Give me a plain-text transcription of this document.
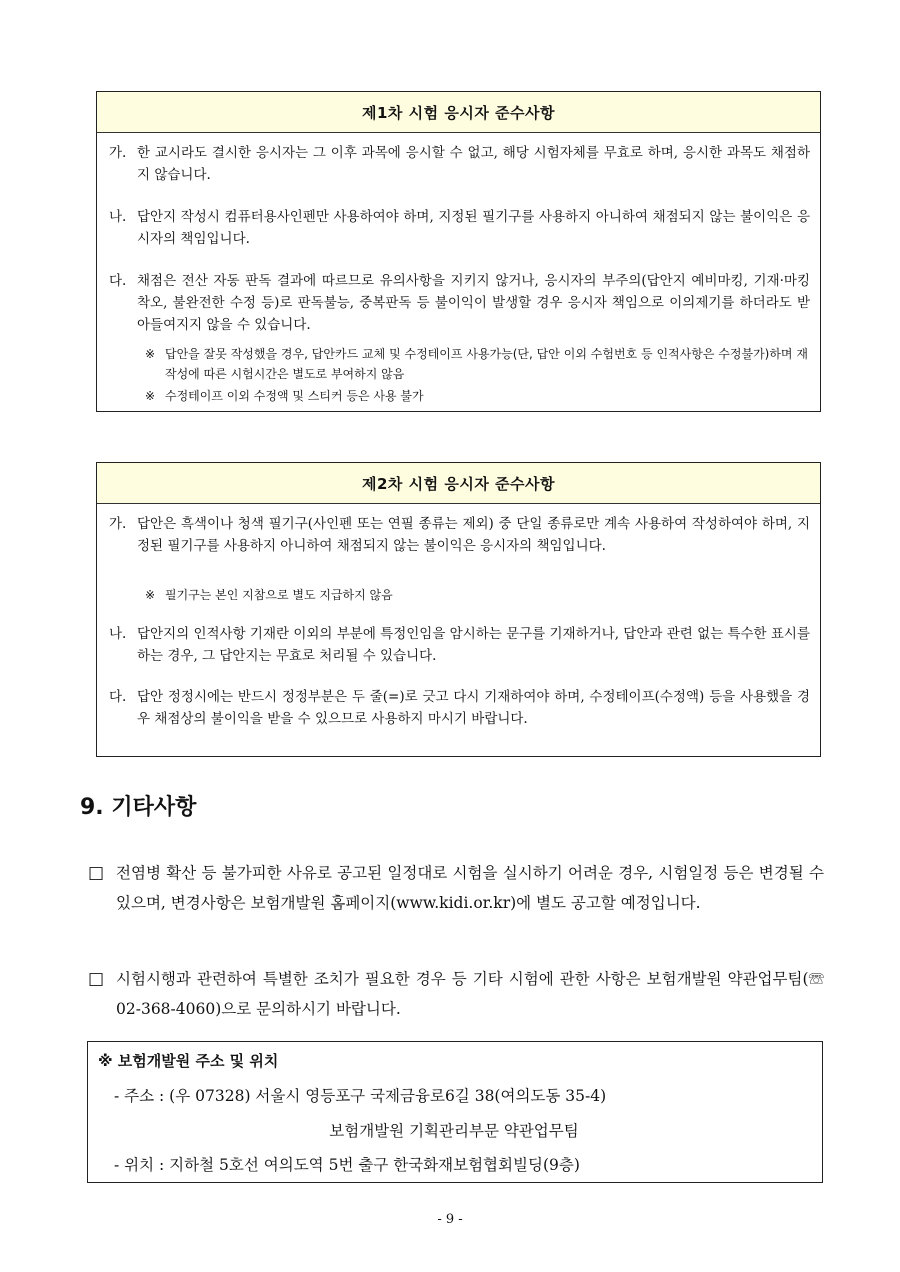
제1차 시험 응시자 준수사항
가. 한 교시라도 결시한 응시자는 그 이후 과목에 응시할 수 없고, 해당 시험자체를 무효로 하며, 응시한 과목도 채점하지 않습니다.
나. 답안지 작성시 컴퓨터용사인펜만 사용하여야 하며, 지정된 필기구를 사용하지 아니하여 채점되지 않는 불이익은 응시자의 책임입니다.
다. 채점은 전산 자동 판독 결과에 따르므로 유의사항을 지키지 않거나, 응시자의 부주의(답안지 예비마킹, 기재·마킹 착오, 불완전한 수정 등)로 판독불능, 중복판독 등 불이익이 발생할 경우 응시자 책임으로 이의제기를 하더라도 받아들여지지 않을 수 있습니다.
※ 답안을 잘못 작성했을 경우, 답안카드 교체 및 수정테이프 사용가능(단, 답안 이외 수험번호 등 인적사항은 수정불가)하며 재작성에 따른 시험시간은 별도로 부여하지 않음
※ 수정테이프 이외 수정액 및 스티커 등은 사용 불가
제2차 시험 응시자 준수사항
가. 답안은 흑색이나 청색 필기구(사인펜 또는 연필 종류는 제외) 중 단일 종류로만 계속 사용하여 작성하여야 하며, 지정된 필기구를 사용하지 아니하여 채점되지 않는 불이익은 응시자의 책임입니다.
※ 필기구는 본인 지참으로 별도 지급하지 않음
나. 답안지의 인적사항 기재란 이외의 부분에 특정인임을 암시하는 문구를 기재하거나, 답안과 관련 없는 특수한 표시를 하는 경우, 그 답안지는 무효로 처리될 수 있습니다.
다. 답안 정정시에는 반드시 정정부분은 두 줄(=)로 긋고 다시 기재하여야 하며, 수정테이프(수정액) 등을 사용했을 경우 채점상의 불이익을 받을 수 있으므로 사용하지 마시기 바랍니다.
9. 기타사항
□ 전염병 확산 등 불가피한 사유로 공고된 일정대로 시험을 실시하기 어려운 경우, 시험일정 등은 변경될 수 있으며, 변경사항은 보험개발원 홈페이지(www.kidi.or.kr)에 별도 공고할 예정입니다.
□ 시험시행과 관련하여 특별한 조치가 필요한 경우 등 기타 시험에 관한 사항은 보험개발원 약관업무팀(☏ 02-368-4060)으로 문의하시기 바랍니다.
※ 보험개발원 주소 및 위치
- 주소 : (우 07328) 서울시 영등포구 국제금융로6길 38(여의도동 35-4)
보험개발원 기획관리부문 약관업무팀
- 위치 : 지하철 5호선 여의도역 5번 출구 한국화재보험협회빌딩(9층)
- 9 -
